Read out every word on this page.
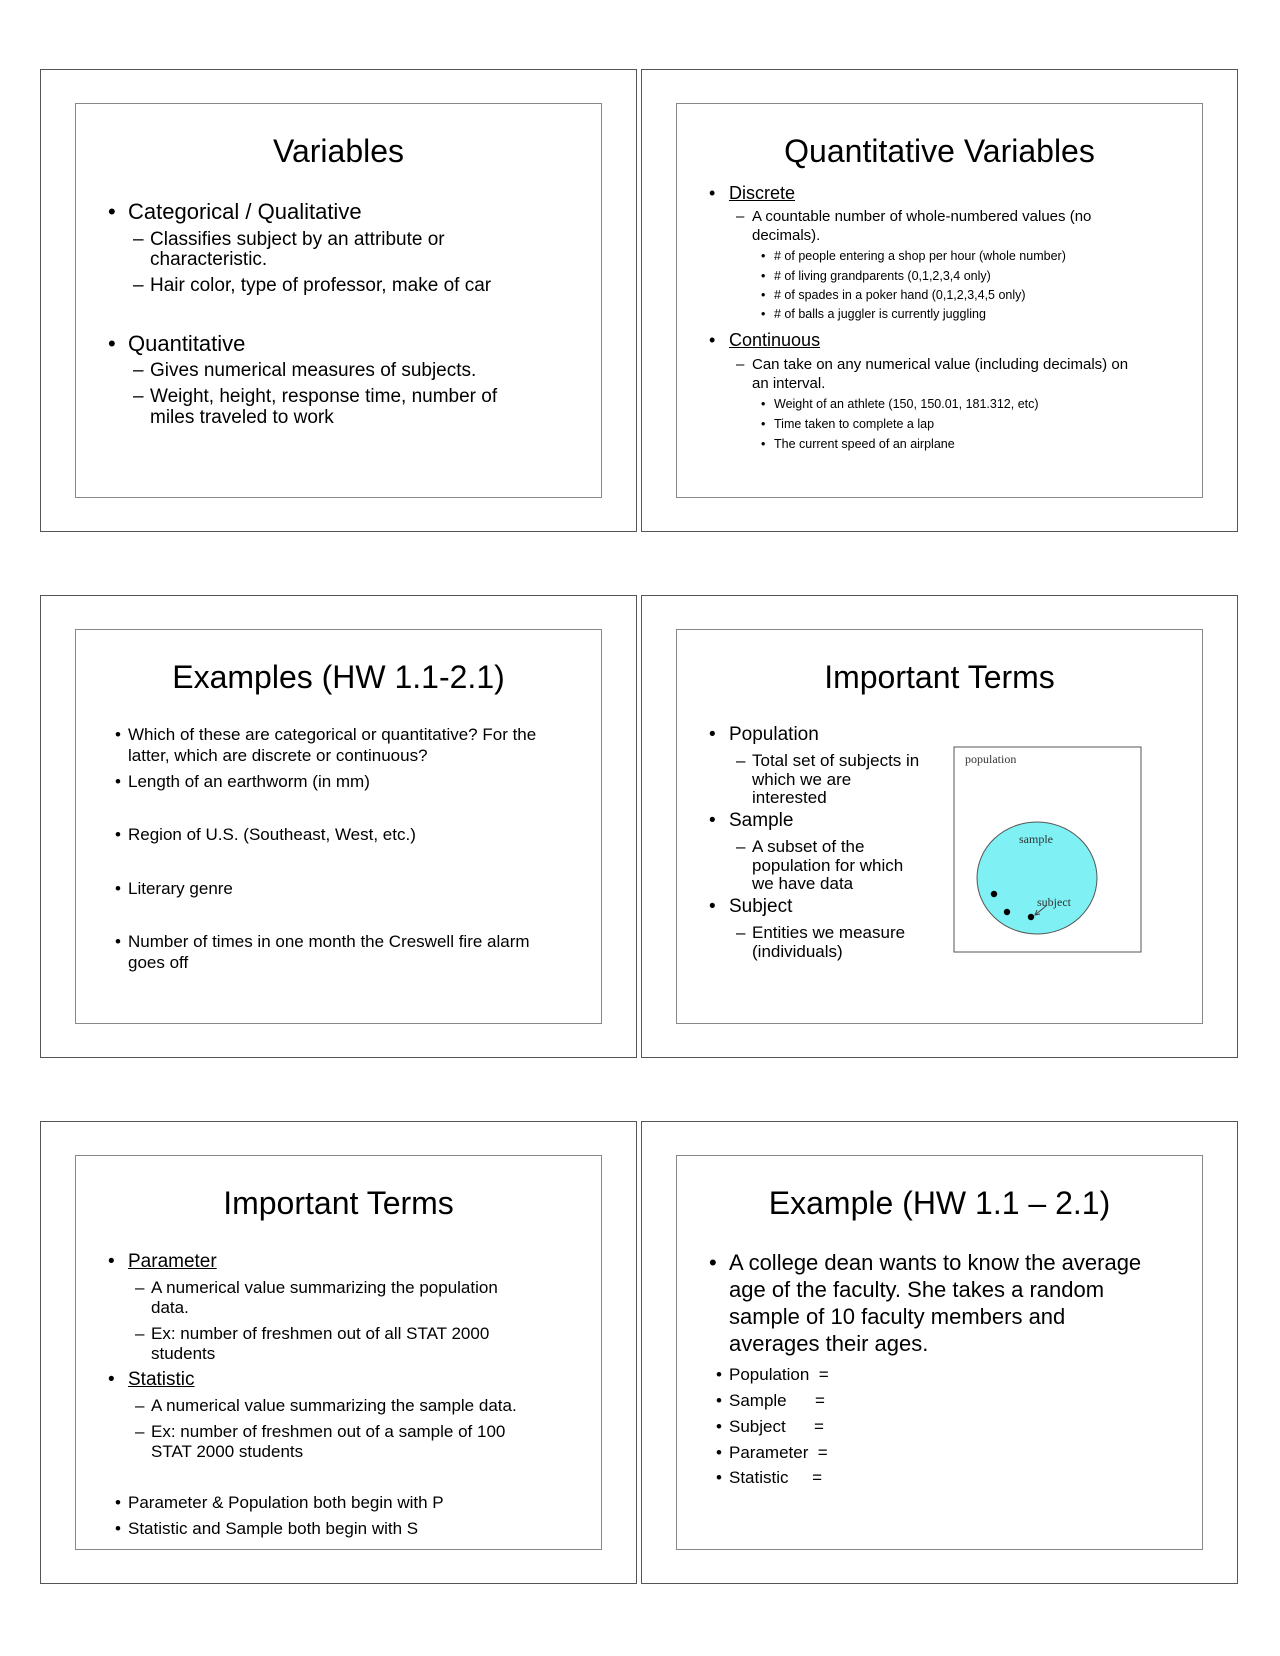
Variables
• Categorical / Qualitative
– Classifies subject by an attribute or
characteristic.
– Hair color, type of professor, make of car
• Quantitative
– Gives numerical measures of subjects.
– Weight, height, response time, number of
miles traveled to work
Quantitative Variables
• Discrete
– A countable number of whole-numbered values (no
decimals).
• # of people entering a shop per hour (whole number)
• # of living grandparents (0,1,2,3,4 only)
• # of spades in a poker hand (0,1,2,3,4,5 only)
• # of balls a juggler is currently juggling
• Continuous
– Can take on any numerical value (including decimals) on
an interval.
• Weight of an athlete (150, 150.01, 181.312, etc)
• Time taken to complete a lap
• The current speed of an airplane
Examples (HW 1.1-2.1)
• Which of these are categorical or quantitative? For the
latter, which are discrete or continuous?
• Length of an earthworm (in mm)
• Region of U.S. (Southeast, West, etc.)
• Literary genre
• Number of times in one month the Creswell fire alarm
goes off
Important Terms
• Population
– Total set of subjects in
which we are
interested
• Sample
– A subset of the
population for which
we have data
• Subject
– Entities we measure
(individuals)
population
sample
subject
Important Terms
• Parameter
– A numerical value summarizing the population
data.
– Ex: number of freshmen out of all STAT 2000
students
• Statistic
– A numerical value summarizing the sample data.
– Ex: number of freshmen out of a sample of 100
STAT 2000 students
• Parameter & Population both begin with P
• Statistic and Sample both begin with S
Example (HW 1.1 – 2.1)
• A college dean wants to know the average
age of the faculty. She takes a random
sample of 10 faculty members and
averages their ages.
• Population  =
• Sample      =
• Subject      =
• Parameter  =
• Statistic     =
